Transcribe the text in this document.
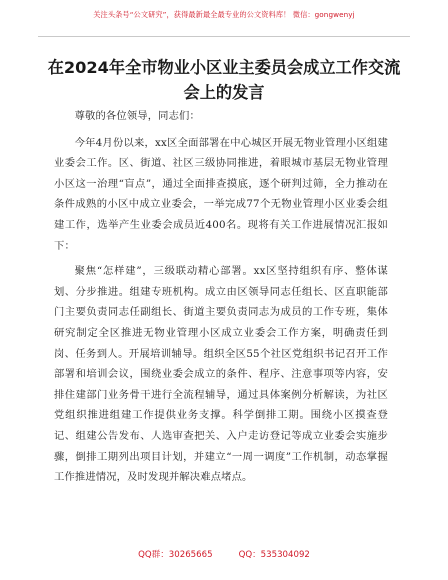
关注头条号“公文研究”，获得最新最全最专业的公文资料库！ 微信：gongwenyj
在2024年全市物业小区业主委员会成立工作交流会上的发言

尊敬的各位领导，同志们：

今年4月份以来，xx区全面部署在中心城区开展无物业管理小区组建业委会工作。区、街道、社区三级协同推进，着眼城市基层无物业管理小区这一治理“盲点”，通过全面排查摸底，逐个研判过筛，全力推动在条件成熟的小区中成立业委会，一举完成77个无物业管理小区业委会组建工作，选举产生业委会成员近400名。现将有关工作进展情况汇报如下：

聚焦“怎样建”，三级联动精心部署。xx区坚持组织有序、整体谋划、分步推进。组建专班机构。成立由区领导同志任组长、区直职能部门主要负责同志任副组长、街道主要负责同志为成员的工作专班，集体研究制定全区推进无物业管理小区成立业委会工作方案，明确责任到岗、任务到人。开展培训辅导。组织全区55个社区党组织书记召开工作部署和培训会议，围绕业委会成立的条件、程序、注意事项等内容，安排住建部门业务骨干进行全流程辅导，通过具体案例分析解读，为社区党组织推进组建工作提供业务支撑。科学倒排工期。围绕小区摸查登记、组建公告发布、人选审查把关、入户走访登记等成立业委会实施步骤，倒排工期列出项目计划，并建立“一周一调度”工作机制，动态掌握工作推进情况，及时发现并解决难点堵点。

QQ群：30265665	QQ：535304092
